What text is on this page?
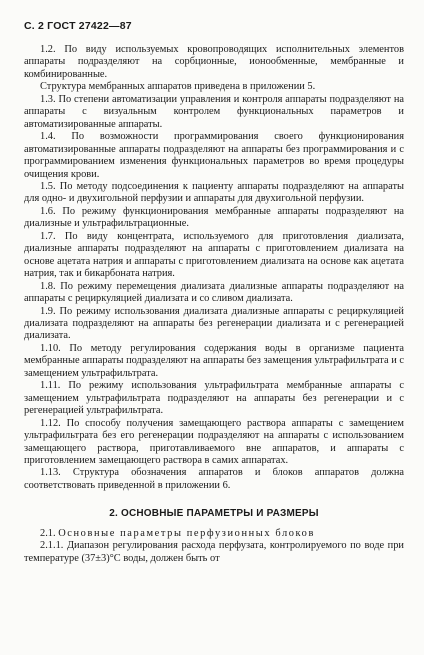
С. 2 ГОСТ 27422—87

1.2. По виду используемых кровопроводящих исполнительных элементов аппараты подразделяют на сорбционные, ионообменные, мембранные и комбинированные.

Структура мембранных аппаратов приведена в приложении 5.

1.3. По степени автоматизации управления и контроля аппараты подразделяют на аппараты с визуальным контролем функциональных параметров и автоматизированные аппараты.

1.4. По возможности программирования своего функционирования автоматизированные аппараты подразделяют на аппараты без программирования и с программированием изменения функциональных параметров во время процедуры очищения крови.

1.5. По методу подсоединения к пациенту аппараты подразделяют на аппараты для одно- и двухигольной перфузии и аппараты для двухигольной перфузии.

1.6. По режиму функционирования мембранные аппараты подразделяют на диализные и ультрафильтрационные.

1.7. По виду концентрата, используемого для приготовления диализата, диализные аппараты подразделяют на аппараты с приготовлением диализата на основе ацетата натрия и аппараты с приготовлением диализата на основе как ацетата натрия, так и бикарбоната натрия.

1.8. По режиму перемещения диализата диализные аппараты подразделяют на аппараты с рециркуляцией диализата и со сливом диализата.

1.9. По режиму использования диализата диализные аппараты с рециркуляцией диализата подразделяют на аппараты без регенерации диализата и с регенерацией диализата.

1.10. По методу регулирования содержания воды в организме пациента мембранные аппараты подразделяют на аппараты без замещения ультрафильтрата и с замещением ультрафильтрата.

1.11. По режиму использования ультрафильтрата мембранные аппараты с замещением ультрафильтрата подразделяют на аппараты без регенерации и с регенерацией ультрафильтрата.

1.12. По способу получения замещающего раствора аппараты с замещением ультрафильтрата без его регенерации подразделяют на аппараты с использованием замещающего раствора, приготавливаемого вне аппаратов, и аппараты с приготовлением замещающего раствора в самих аппаратах.

1.13. Структура обозначения аппаратов и блоков аппаратов должна соответствовать приведенной в приложении 6.

2. ОСНОВНЫЕ ПАРАМЕТРЫ И РАЗМЕРЫ

2.1. Основные параметры перфузионных блоков

2.1.1. Диапазон регулирования расхода перфузата, контролируемого по воде при температуре (37±3)°С воды, должен быть от
